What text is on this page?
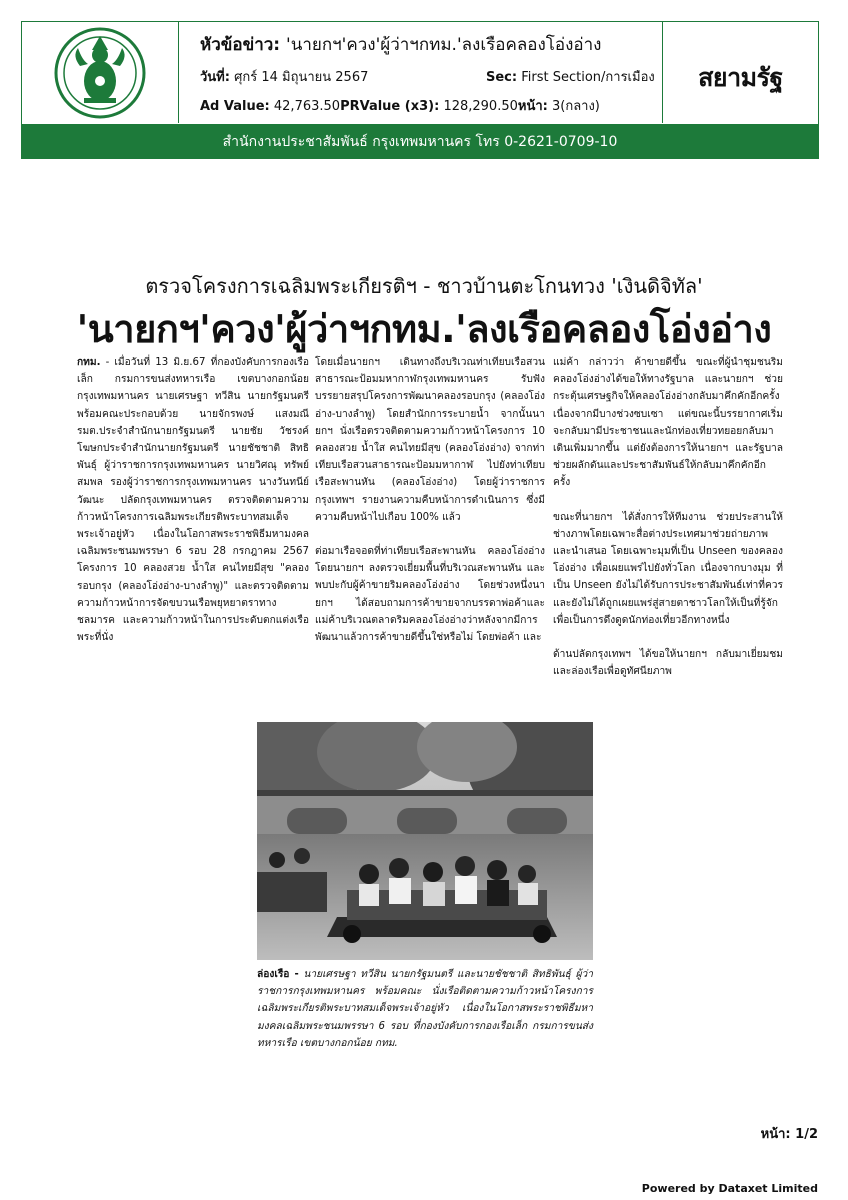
หัวข้อข่าว: 'นายกฯ'ควง'ผู้ว่าฯกทม.'ลงเรือคลองโอ่งอ่าง
วันที่: ศุกร์ 14 มิถุนายน 2567	Sec: First Section/การเมือง
Ad Value: 42,763.50PRValue (x3): 128,290.50หน้า: 3(กลาง)
สยามรัฐ
สำนักงานประชาสัมพันธ์ กรุงเทพมหานคร โทร 0-2621-0709-10
ตรวจโครงการเฉลิมพระเกียรติฯ - ชาวบ้านตะโกนทวง 'เงินดิจิทัล'
'นายกฯ'ควง'ผู้ว่าฯกทม.'ลงเรือคลองโอ่งอ่าง

กทม. - เมื่อวันที่ 13 มิ.ย.67 ที่กองบังคับการกองเรือเล็ก กรมการขนส่งทหารเรือ เขตบางกอกน้อย กรุงเทพมหานคร นายเศรษฐา ทวีสิน นายกรัฐมนตรี พร้อมคณะประกอบด้วย นายจักรพงษ์ แสงมณี รมต.ประจำสำนักนายกรัฐมนตรี นายชัย วัชรงค์ โฆษกประจำสำนักนายกรัฐมนตรี นายชัชชาติ สิทธิพันธุ์ ผู้ว่าราชการกรุงเทพมหานคร นายวิศณุ ทรัพย์สมพล รองผู้ว่าราชการกรุงเทพมหานคร นางวันทนีย์ วัฒนะ ปลัดกรุงเทพมหานคร ตรวจติดตามความก้าวหน้าโครงการเฉลิมพระเกียรติพระบาทสมเด็จพระเจ้าอยู่หัว เนื่องในโอกาสพระราชพิธีมหามงคลเฉลิมพระชนมพรรษา 6 รอบ 28 กรกฎาคม 2567 โครงการ 10 คลองสวย น้ำใส คนไทยมีสุข "คลองรอบกรุง (คลองโอ่งอ่าง-บางลำพู)" และตรวจติดตามความก้าวหน้าการจัดขบวนเรือพยุหยาตราทางชลมารค และความก้าวหน้าในการประดับตกแต่งเรือพระที่นั่ง

โดยเมื่อนายกฯ เดินทางถึงบริเวณท่าเทียบเรือสวนสาธารณะป้อมมหากาฬกรุงเทพมหานคร รับฟังบรรยายสรุปโครงการพัฒนาคลองรอบกรุง (คลองโอ่งอ่าง-บางลำพู) โดยสำนักการระบายน้ำ จากนั้นนายกฯ นั่งเรือตรวจติดตามความก้าวหน้าโครงการ 10 คลองสวย น้ำใส คนไทยมีสุข (คลองโอ่งอ่าง) จากท่าเทียบเรือสวนสาธารณะป้อมมหากาฬ ไปยังท่าเทียบเรือสะพานหัน (คลองโอ่งอ่าง) โดยผู้ว่าราชการกรุงเทพฯ รายงานความคืบหน้าการดำเนินการ ซึ่งมีความคืบหน้าไปเกือบ 100% แล้ว

ต่อมาเรือจอดที่ท่าเทียบเรือสะพานหัน คลองโอ่งอ่าง โดยนายกฯ ลงตรวจเยี่ยมพื้นที่บริเวณสะพานหัน และพบปะกับผู้ค้าขายริมคลองโอ่งอ่าง โดยช่วงหนึ่งนายกฯ ได้สอบถามการค้าขายจากบรรดาพ่อค้าและแม่ค้าบริเวณตลาดริมคลองโอ่งอ่างว่าหลังจากมีการพัฒนาแล้วการค้าขายดีขึ้นใช่หรือไม่ โดยพ่อค้า และ

แม่ค้า กล่าวว่า ค้าขายดีขึ้น ขณะที่ผู้นำชุมชนริมคลองโอ่งอ่างได้ขอให้ทางรัฐบาล และนายกฯ ช่วยกระตุ้นเศรษฐกิจให้คลองโอ่งอ่างกลับมาคึกคักอีกครั้ง เนื่องจากมีบางช่วงซบเซา แต่ขณะนี้บรรยากาศเริ่มจะกลับมามีประชาชนและนักท่องเที่ยวทยอยกลับมาเดินเพิ่มมากขึ้น แต่ยังต้องการให้นายกฯ และรัฐบาลช่วยผลักดันและประชาสัมพันธ์ให้กลับมาคึกคักอีกครั้ง

ขณะที่นายกฯ ได้สั่งการให้ทีมงาน ช่วยประสานให้ช่างภาพโดยเฉพาะสื่อต่างประเทศมาช่วยถ่ายภาพและนำเสนอ โดยเฉพาะมุมที่เป็น Unseen ของคลองโอ่งอ่าง เพื่อเผยแพร่ไปยังทั่วโลก เนื่องจากบางมุม ที่เป็น Unseen ยังไม่ได้รับการประชาสัมพันธ์เท่าที่ควรและยังไม่ได้ถูกเผยแพร่สู่สายตาชาวโลกให้เป็นที่รู้จักเพื่อเป็นการดึงดูดนักท่องเที่ยวอีกทางหนึ่ง

ด้านปลัดกรุงเทพฯ ได้ขอให้นายกฯ กลับมาเยี่ยมชมและล่องเรือเพื่อดูทัศนียภาพ

ล่องเรือ - นายเศรษฐา ทวีสิน นายกรัฐมนตรี และนายชัชชาติ สิทธิพันธุ์ ผู้ว่าราชการกรุงเทพมหานคร พร้อมคณะ นั่งเรือติดตามความก้าวหน้าโครงการเฉลิมพระเกียรติพระบาทสมเด็จพระเจ้าอยู่หัว เนื่องในโอกาสพระราชพิธีมหามงคลเฉลิมพระชนมพรรษา 6 รอบ ที่กองบังคับการกองเรือเล็ก กรมการขนส่งทหารเรือ เขตบางกอกน้อย กทม.
หน้า: 1/2
Powered by Dataxet Limited
